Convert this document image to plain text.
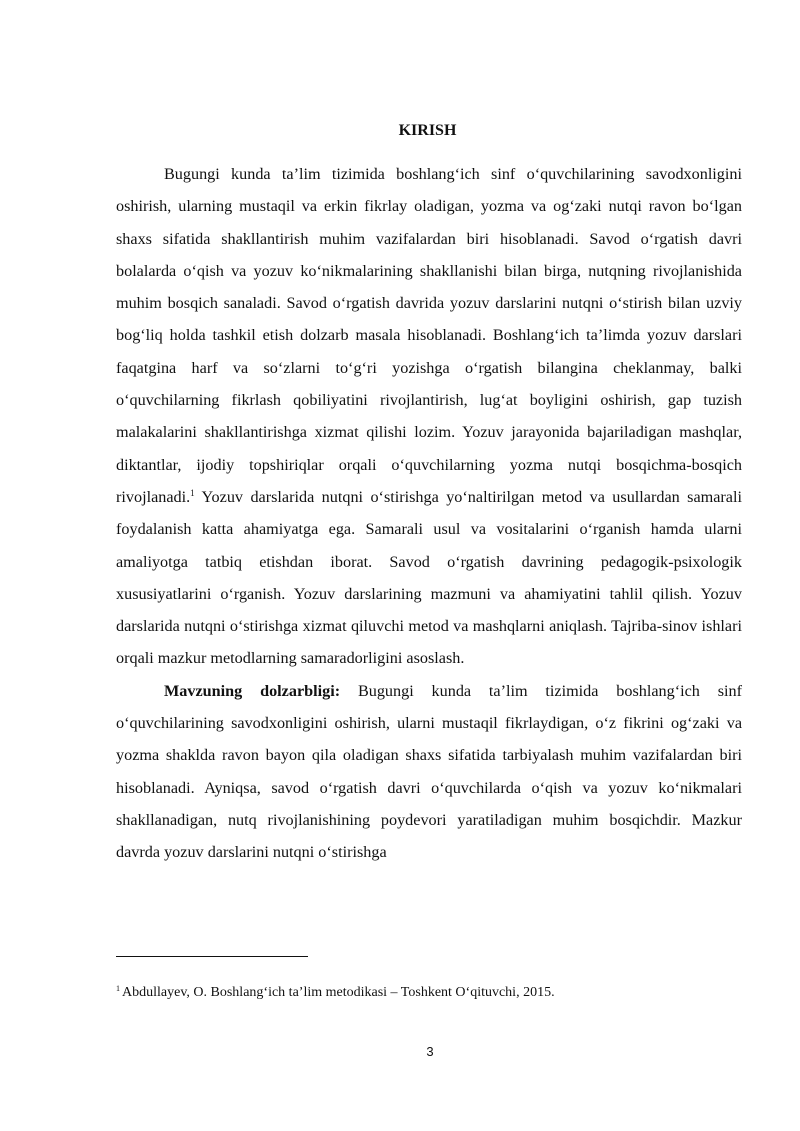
KIRISH

Bugungi kunda ta’lim tizimida boshlang‘ich sinf o‘quvchilarining savodxonligini oshirish, ularning mustaqil va erkin fikrlay oladigan, yozma va og‘zaki nutqi ravon bo‘lgan shaxs sifatida shakllantirish muhim vazifalardan biri hisoblanadi. Savod o‘rgatish davri bolalarda o‘qish va yozuv ko‘nikmalarining shakllanishi bilan birga, nutqning rivojlanishida muhim bosqich sanaladi. Savod o‘rgatish davrida yozuv darslarini nutqni o‘stirish bilan uzviy bog‘liq holda tashkil etish dolzarb masala hisoblanadi. Boshlang‘ich ta’limda yozuv darslari faqatgina harf va so‘zlarni to‘g‘ri yozishga o‘rgatish bilangina cheklanmay, balki o‘quvchilarning fikrlash qobiliyatini rivojlantirish, lug‘at boyligini oshirish, gap tuzish malakalarini shakllantirishga xizmat qilishi lozim. Yozuv jarayonida bajariladigan mashqlar, diktantlar, ijodiy topshiriqlar orqali o‘quvchilarning yozma nutqi bosqichma-bosqich rivojlanadi.$^1$ Yozuv darslarida nutqni o‘stirishga yo‘naltirilgan metod va usullardan samarali foydalanish katta ahamiyatga ega. Samarali usul va vositalarini o‘rganish hamda ularni amaliyotga tatbiq etishdan iborat. Savod o‘rgatish davrining pedagogik-psixologik xususiyatlarini o‘rganish. Yozuv darslarining mazmuni va ahamiyatini tahlil qilish. Yozuv darslarida nutqni o‘stirishga xizmat qiluvchi metod va mashqlarni aniqlash. Tajriba-sinov ishlari orqali mazkur metodlarning samaradorligini asoslash.

Mavzuning dolzarbligi: Bugungi kunda ta’lim tizimida boshlang‘ich sinf o‘quvchilarining savodxonligini oshirish, ularni mustaqil fikrlaydigan, o‘z fikrini og‘zaki va yozma shaklda ravon bayon qila oladigan shaxs sifatida tarbiyalash muhim vazifalardan biri hisoblanadi. Ayniqsa, savod o‘rgatish davri o‘quvchilarda o‘qish va yozuv ko‘nikmalari shakllanadigan, nutq rivojlanishining poydevori yaratiladigan muhim bosqichdir. Mazkur davrda yozuv darslarini nutqni o‘stirishga

$^1$ Abdullayev, O. Boshlang‘ich ta’lim metodikasi – Toshkent O‘qituvchi, 2015.
3
